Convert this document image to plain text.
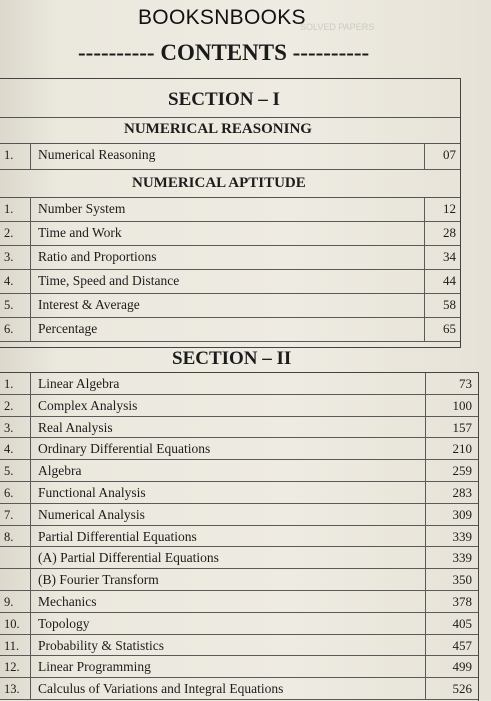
BOOKSNBOOKS
---------- CONTENTS ----------
SECTION – I
NUMERICAL REASONING
1.	Numerical Reasoning	07
NUMERICAL APTITUDE
1.	Number System	12
2.	Time and Work	28
3.	Ratio and Proportions	34
4.	Time, Speed and Distance	44
5.	Interest & Average	58
6.	Percentage	65
SECTION – II
1.	Linear Algebra	73
2.	Complex Analysis	100
3.	Real Analysis	157
4.	Ordinary Differential Equations	210
5.	Algebra	259
6.	Functional Analysis	283
7.	Numerical Analysis	309
8.	Partial Differential Equations	339
(A) Partial Differential Equations	339
(B) Fourier Transform	350
9.	Mechanics	378
10.	Topology	405
11.	Probability & Statistics	457
12.	Linear Programming	499
13.	Calculus of Variations and Integral Equations	526
SOLVED PAPERS
